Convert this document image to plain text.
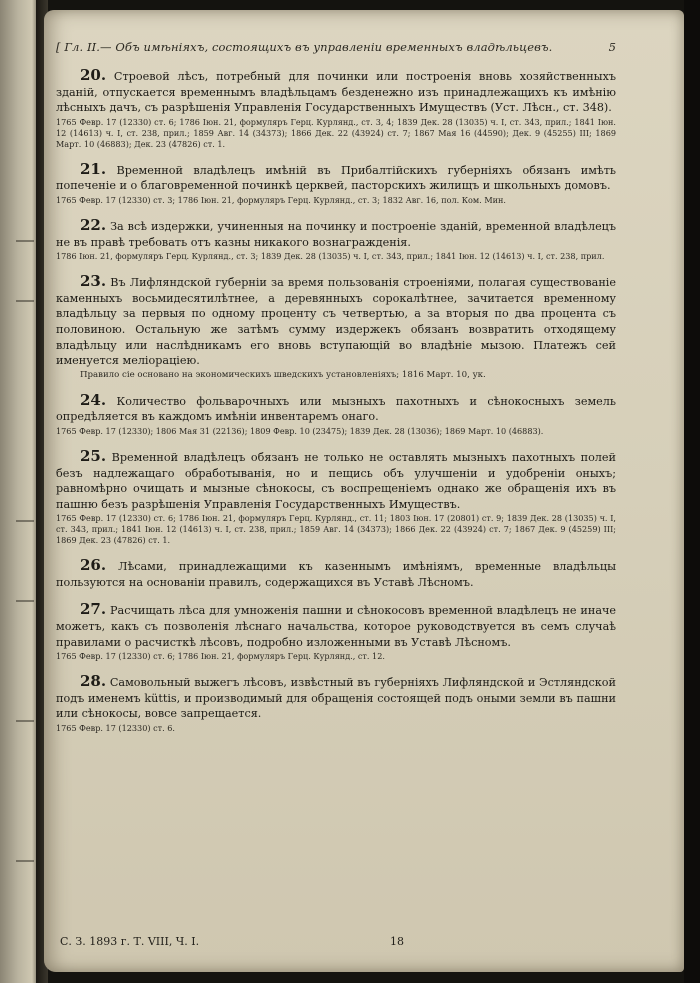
[ Гл. II.— Объ имѣніяхъ, состоящихъ въ управленіи временныхъ владѣльцевъ.	5
20. Строевой лѣсъ, потребный для починки или построенія вновь хозяйственныхъ зданій, отпускается временнымъ владѣльцамъ безденежно изъ принадлежащихъ къ имѣнію лѣсныхъ дачъ, съ разрѣшенія Управленія Государственныхъ Имуществъ (Уст. Лѣсн., ст. 348).
1765 Февр. 17 (12330) ст. 6; 1786 Іюн. 21, формуляръ Герц. Курлянд., ст. 3, 4; 1839 Дек. 28 (13035) ч. I, ст. 343, прил.; 1841 Іюн. 12 (14613) ч. I, ст. 238, прил.; 1859 Авг. 14 (34373); 1866 Дек. 22 (43924) ст. 7; 1867 Мая 16 (44590); Дек. 9 (45255) III; 1869 Март. 10 (46883); Дек. 23 (47826) ст. 1.
21. Временной владѣлецъ имѣній въ Прибалтійскихъ губерніяхъ обязанъ имѣть попеченіе и о благовременной починкѣ церквей, пасторскихъ жилищъ и школьныхъ домовъ.
1765 Февр. 17 (12330) ст. 3; 1786 Іюн. 21, формуляръ Герц. Курлянд., ст. 3; 1832 Авг. 16, пол. Ком. Мин.
22. За всѣ издержки, учиненныя на починку и построеніе зданій, временной владѣлецъ не въ правѣ требовать отъ казны никакого вознагражденія.
1786 Іюн. 21, формуляръ Герц. Курлянд., ст. 3; 1839 Дек. 28 (13035) ч. I, ст. 343, прил.; 1841 Іюн. 12 (14613) ч. I, ст. 238, прил.
23. Въ Лифляндской губерніи за время пользованія строеніями, полагая существованіе каменныхъ восьмидесятилѣтнее, а деревянныхъ сорокалѣтнее, зачитается временному владѣльцу за первыя по одному проценту съ четвертью, а за вторыя по два процента съ половиною. Остальную же затѣмъ сумму издержекъ обязанъ возвратить отходящему владѣльцу или наслѣдникамъ его вновь вступающій во владѣніе мызою. Платежъ сей именуется мелiорацiею.
Правило сіе основано на экономическихъ шведскихъ установленіяхъ; 1816 Март. 10, ук.
24. Количество фольварочныхъ или мызныхъ пахотныхъ и сѣнокосныхъ земель опредѣляется въ каждомъ имѣніи инвентаремъ онаго.
1765 Февр. 17 (12330); 1806 Мая 31 (22136); 1809 Февр. 10 (23475); 1839 Дек. 28 (13036); 1869 Март. 10 (46883).
25. Временной владѣлецъ обязанъ не только не оставлять мызныхъ пахотныхъ полей безъ надлежащаго обработыванія, но и пещись объ улучшеніи и удобреніи оныхъ; равномѣрно очищать и мызные сѣнокосы, съ воспрещеніемъ однако же обращенія ихъ въ пашню безъ разрѣшенія Управленія Государственныхъ Имуществъ.
1765 Февр. 17 (12330) ст. 6; 1786 Іюн. 21, формуляръ Герц. Курлянд., ст. 11; 1803 Іюн. 17 (20801) ст. 9; 1839 Дек. 28 (13035) ч. I, ст. 343, прил.; 1841 Іюн. 12 (14613) ч. I, ст. 238, прил.; 1859 Авг. 14 (34373); 1866 Дек. 22 (43924) ст. 7; 1867 Дек. 9 (45259) III; 1869 Дек. 23 (47826) ст. 1.
26. Лѣсами, принадлежащими къ казеннымъ имѣніямъ, временные владѣльцы пользуются на основаніи правилъ, содержащихся въ Уставѣ Лѣсномъ.
27. Расчищать лѣса для умноженія пашни и сѣнокосовъ временной владѣлецъ не иначе можетъ, какъ съ позволенія лѣснаго начальства, которое руководствуется въ семъ случаѣ правилами о расчисткѣ лѣсовъ, подробно изложенными въ Уставѣ Лѣсномъ.
1765 Февр. 17 (12330) ст. 6; 1786 Іюн. 21, формуляръ Герц. Курлянд., ст. 12.
28. Самовольный выжегъ лѣсовъ, извѣстный въ губерніяхъ Лифляндской и Эстляндской подъ именемъ küttis, и производимый для обращенія состоящей подъ оными земли въ пашни или сѣнокосы, вовсе запрещается.
1765 Февр. 17 (12330) ст. 6.
С. З. 1893 г. Т. VIII, Ч. I.	18
